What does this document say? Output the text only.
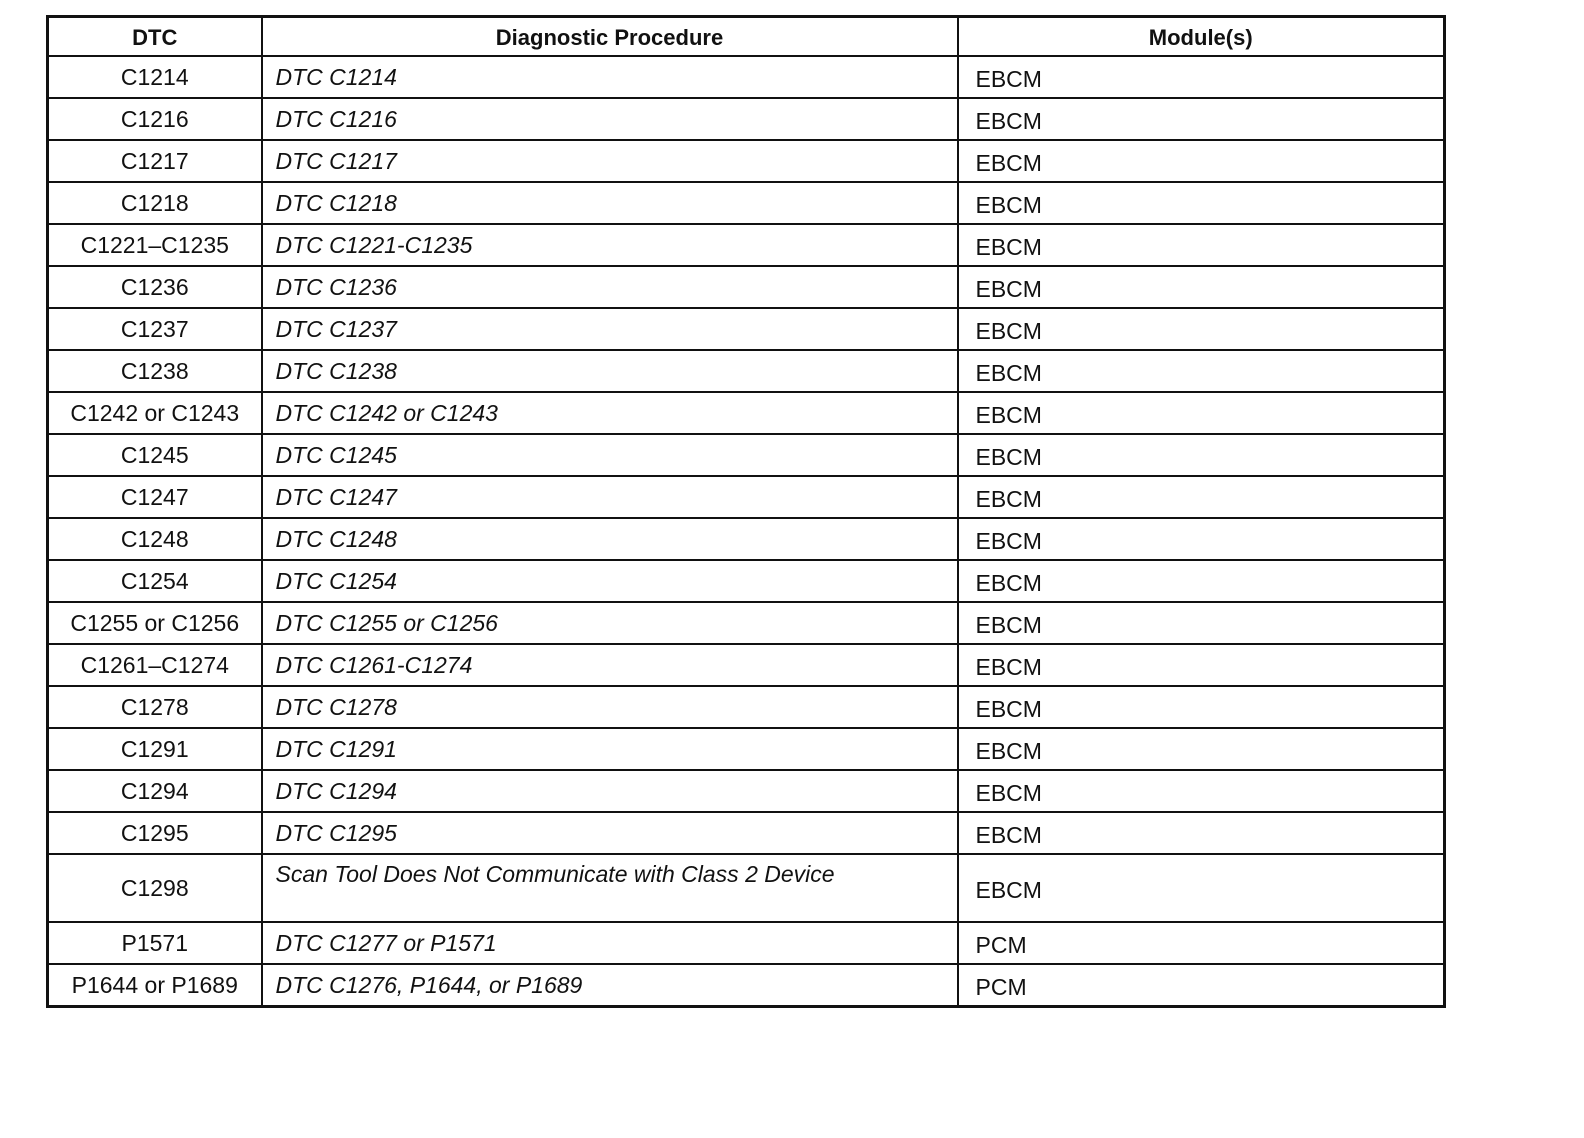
DTC	Diagnostic Procedure	Module(s)
C1214	DTC C1214	EBCM
C1216	DTC C1216	EBCM
C1217	DTC C1217	EBCM
C1218	DTC C1218	EBCM
C1221–C1235	DTC C1221-C1235	EBCM
C1236	DTC C1236	EBCM
C1237	DTC C1237	EBCM
C1238	DTC C1238	EBCM
C1242 or C1243	DTC C1242 or C1243	EBCM
C1245	DTC C1245	EBCM
C1247	DTC C1247	EBCM
C1248	DTC C1248	EBCM
C1254	DTC C1254	EBCM
C1255 or C1256	DTC C1255 or C1256	EBCM
C1261–C1274	DTC C1261-C1274	EBCM
C1278	DTC C1278	EBCM
C1291	DTC C1291	EBCM
C1294	DTC C1294	EBCM
C1295	DTC C1295	EBCM
C1298	Scan Tool Does Not Communicate with Class 2 Device	EBCM
P1571	DTC C1277 or P1571	PCM
P1644 or P1689	DTC C1276, P1644, or P1689	PCM
